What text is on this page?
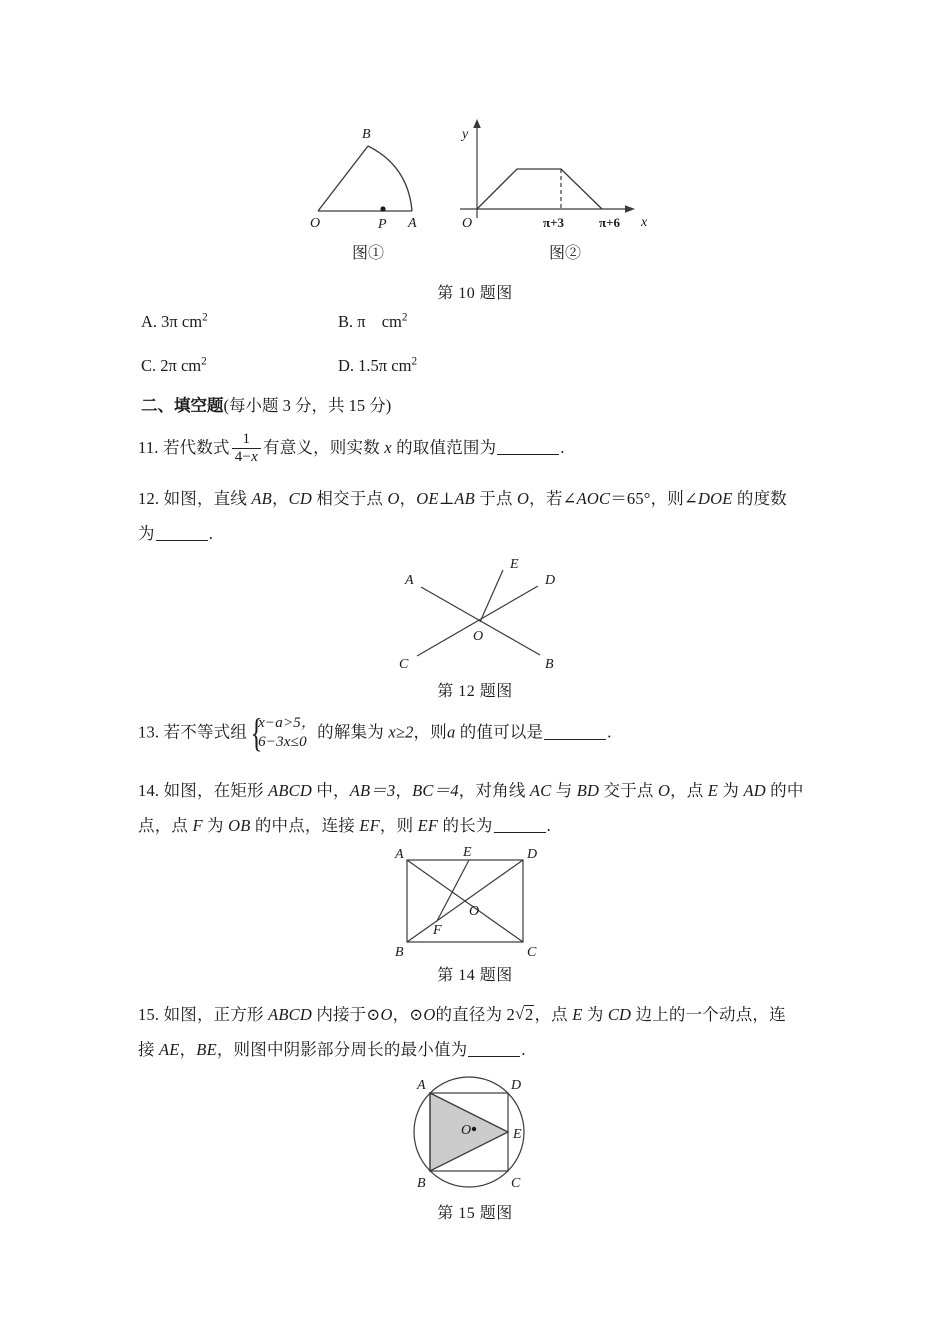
B
O	P A
y
x
O	π+3	π+6
图①	图②
第 10 题图
A. 3π $cm^2$	B. π $cm^2$
C. 2π $cm^2$	D. 1.5π $cm^2$
二、填空题(每小题 3 分，共 15 分)
11. 若代数式 $\frac{1}{4-x}$ 有意义，则实数 x 的取值范围为	.
12. 如图，直线 AB，CD 相交于点 O，OE⊥AB 于点 O，若∠AOC＝65°，则∠DOE 的度数
为	.
A
E
D
O
C	B
第 12 题图
13. 若不等式组 {
x−a>5，
6−3x≤0
的解集为 x≥2，则a 的值可以是	.
14. 如图，在矩形 ABCD 中，AB＝3，BC＝4，对角线 AC 与 BD 交于点 O，点 E 为 AD 的中
点，点 F 为 OB 的中点，连接 EF，则 EF 的长为	.
A	E	D
O
F
B	C
第 14 题图
15. 如图，正方形 ABCD 内接于⊙O，⊙O的直径为 2 √ 2，点 E 为 CD 边上的一个动点，连
接 AE，BE，则图中阴影部分周长的最小值为	.
A	D
E
O
B	C
第 15 题图
